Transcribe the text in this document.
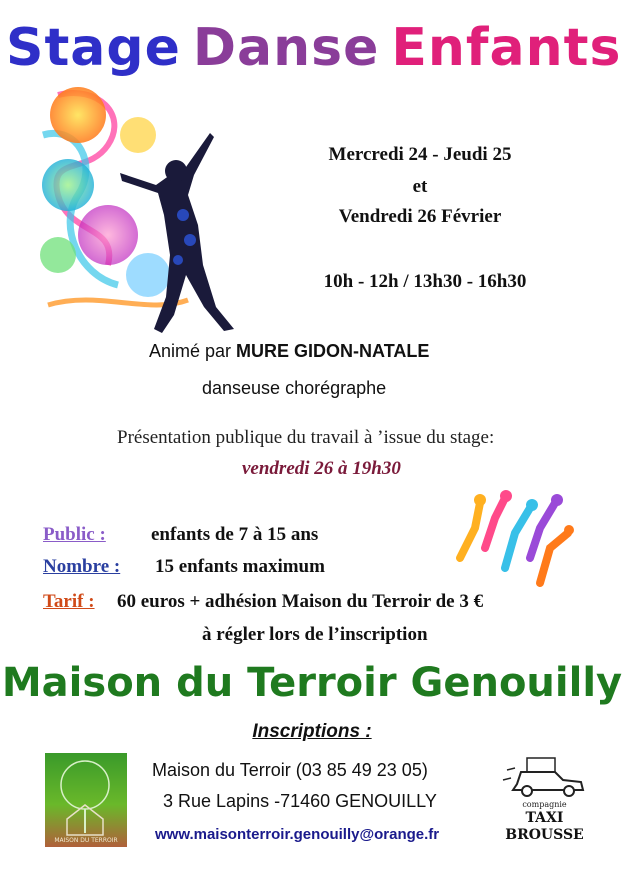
Stage Danse Enfants
Mercredi 24 - Jeudi 25
et
Vendredi 26 Février
10h - 12h / 13h30 - 16h30
Animé par MURE GIDON-NATALE
danseuse chorégraphe
Présentation publique du travail à ’issue du stage:
vendredi 26 à 19h30
Public : enfants de 7 à 15 ans
Nombre : 15 enfants maximum
Tarif : 60 euros + adhésion Maison du Terroir de 3 €
à régler lors de l’inscription
Maison du Terroir Genouilly
Inscriptions :
MAISON DU TERROIR
Maison du Terroir (03 85 49 23 05)
3 Rue Lapins -71460 GENOUILLY
www.maisonterroir.genouilly@orange.fr
compagnie
TAXI
BROUSSE
